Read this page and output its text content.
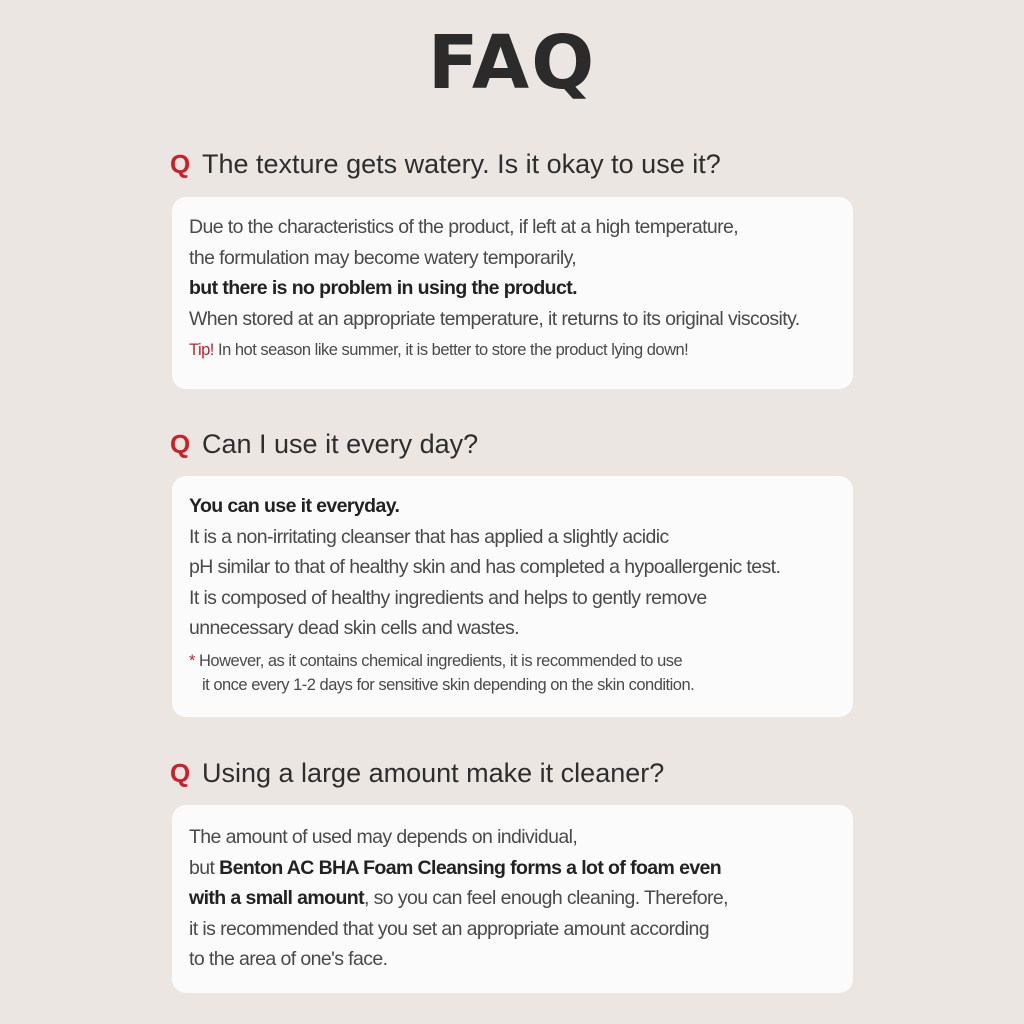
FAQ
Q The texture gets watery. Is it okay to use it?
Due to the characteristics of the product, if left at a high temperature,
the formulation may become watery temporarily,
but there is no problem in using the product.
When stored at an appropriate temperature, it returns to its original viscosity.
Tip! In hot season like summer, it is better to store the product lying down!
Q Can I use it every day?
You can use it everyday.
It is a non-irritating cleanser that has applied a slightly acidic
pH similar to that of healthy skin and has completed a hypoallergenic test.
It is composed of healthy ingredients and helps to gently remove
unnecessary dead skin cells and wastes.
* However, as it contains chemical ingredients, it is recommended to use
it once every 1-2 days for sensitive skin depending on the skin condition.
Q Using a large amount make it cleaner?
The amount of used may depends on individual,
but Benton AC BHA Foam Cleansing forms a lot of foam even
with a small amount, so you can feel enough cleaning. Therefore,
it is recommended that you set an appropriate amount according
to the area of one's face.
